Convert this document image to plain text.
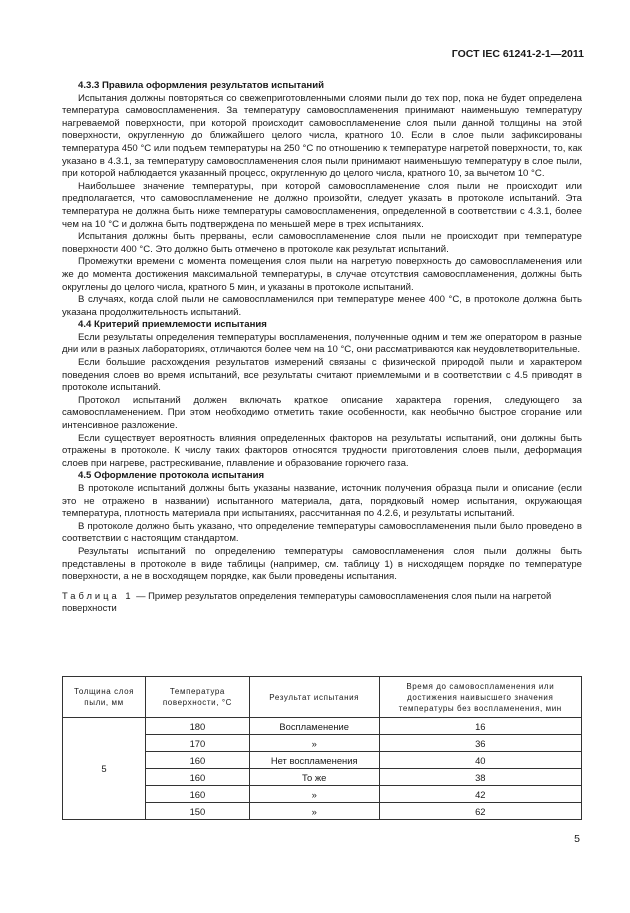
ГОСТ IEC 61241-2-1—2011

4.3.3 Правила оформления результатов испытаний

Испытания должны повторяться со свежеприготовленными слоями пыли до тех пор, пока не будет определена температура самовоспламенения. За температуру самовоспламенения принимают наименьшую температуру нагреваемой поверхности, при которой происходит самовоспламенение слоя пыли данной толщины на этой поверхности, округленную до ближайшего целого числа, кратного 10. Если в слое пыли зафиксированы температура 450 °C или подъем температуры на 250 °C по отношению к температуре нагретой поверхности, то, как указано в 4.3.1, за температуру самовоспламенения слоя пыли принимают наименьшую температуру в слое пыли, при которой наблюдается указанный процесс, округленную до целого числа, кратного 10, за вычетом 10 °C.

Наибольшее значение температуры, при которой самовоспламенение слоя пыли не происходит или предполагается, что самовоспламенение не должно произойти, следует указать в протоколе испытаний. Эта температура не должна быть ниже температуры самовоспламенения, определенной в соответствии с 4.3.1, более чем на 10 °C и должна быть подтверждена по меньшей мере в трех испытаниях.

Испытания должны быть прерваны, если самовоспламенение слоя пыли не происходит при температуре поверхности 400 °C. Это должно быть отмечено в протоколе как результат испытаний.

Промежутки времени с момента помещения слоя пыли на нагретую поверхность до самовоспламенения или же до момента достижения максимальной температуры, в случае отсутствия самовоспламенения, должны быть округлены до целого числа, кратного 5 мин, и указаны в протоколе испытаний.

В случаях, когда слой пыли не самовоспламенился при температуре менее 400 °C, в протоколе должна быть указана продолжительность испытаний.

4.4 Критерий приемлемости испытания

Если результаты определения температуры воспламенения, полученные одним и тем же оператором в разные дни или в разных лабораториях, отличаются более чем на 10 °C, они рассматриваются как неудовлетворительные.

Если большие расхождения результатов измерений связаны с физической природой пыли и характером поведения слоев во время испытаний, все результаты считают приемлемыми и в соответствии с 4.5 приводят в протоколе испытаний.

Протокол испытаний должен включать краткое описание характера горения, следующего за самовоспламенением. При этом необходимо отметить такие особенности, как необычно быстрое сгорание или интенсивное разложение.

Если существует вероятность влияния определенных факторов на результаты испытаний, они должны быть отражены в протоколе. К числу таких факторов относятся трудности приготовления слоев пыли, деформация слоев при нагреве, растрескивание, плавление и образование горючего газа.

4.5 Оформление протокола испытания

В протоколе испытаний должны быть указаны название, источник получения образца пыли и описание (если это не отражено в названии) испытанного материала, дата, порядковый номер испытания, окружающая температура, плотность материала при испытаниях, рассчитанная по 4.2.6, и результаты испытаний.

В протоколе должно быть указано, что определение температуры самовоспламенения пыли было проведено в соответствии с настоящим стандартом.

Результаты испытаний по определению температуры самовоспламенения слоя пыли должны быть представлены в протоколе в виде таблицы (например, см. таблицу 1) в нисходящем порядке по температуре поверхности, а не в восходящем порядке, как были проведены испытания.

Таблица 1 — Пример результатов определения температуры самовоспламенения слоя пыли на нагретой поверхности

Толщина слоя пыли, мм	Температура поверхности, °C	Результат испытания	Время до самовоспламенения или достижения наивысшего значения температуры без воспламенения, мин
5	180	Воспламенение	16
	170	»	36
	160	Нет воспламенения	40
	160	То же	38
	160	»	42
	150	»	62
5
